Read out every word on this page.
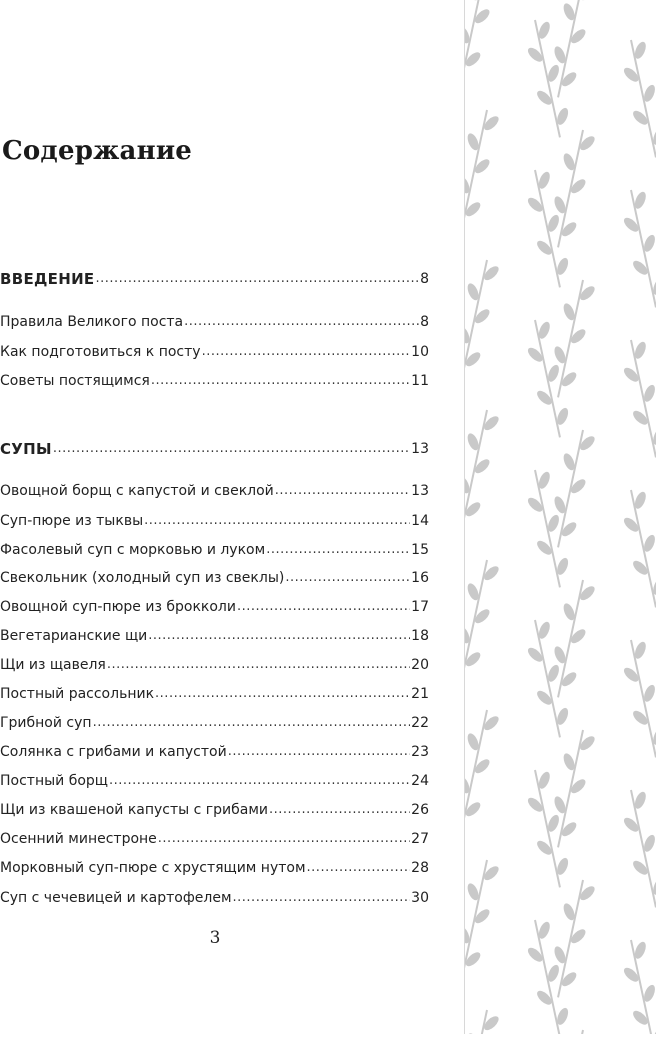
Содержание
ВВЕДЕНИЕ .....	8
Правила Великого поста .....	8
Как подготовиться к посту .....	10
Советы постящимся .....	11
СУПЫ .....	13
Овощной борщ с капустой и свеклой .....	13
Суп-пюре из тыквы .....	14
Фасолевый суп с морковью и луком .....	15
Свекольник (холодный суп из свеклы) .....	16
Овощной суп-пюре из брокколи .....	17
Вегетарианские щи .....	18
Щи из щавеля .....	20
Постный рассольник .....	21
Грибной суп .....	22
Солянка с грибами и капустой .....	23
Постный борщ .....	24
Щи из квашеной капусты с грибами .....	26
Осенний минестроне .....	27
Морковный суп-пюре с хрустящим нутом .....	28
Суп с чечевицей и картофелем .....	30
3
